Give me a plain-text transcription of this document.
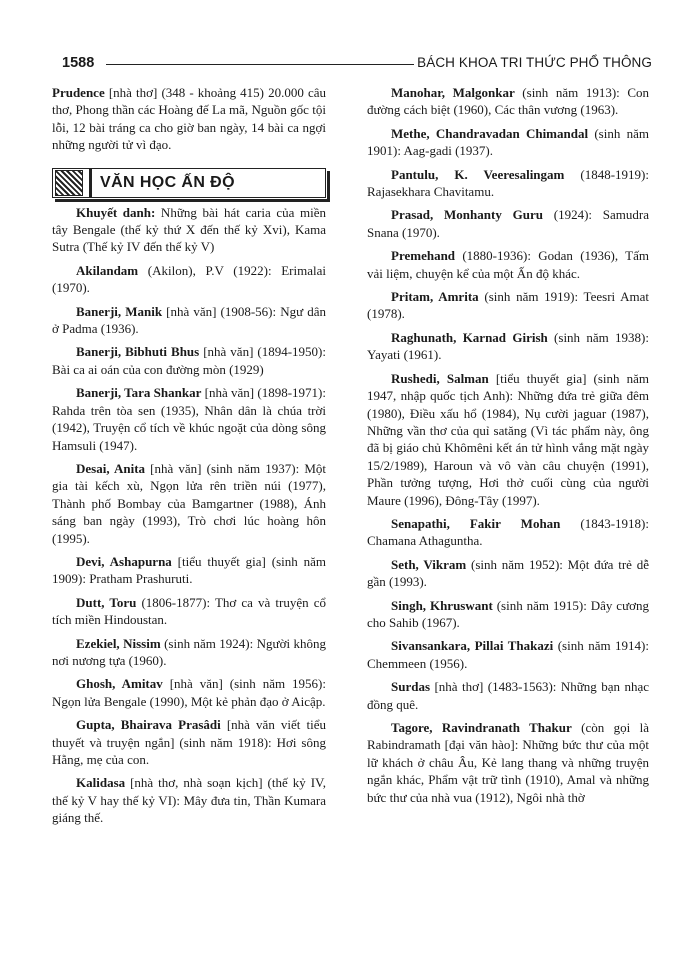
1588	BÁCH KHOA TRI THỨC PHỔ THÔNG

Prudence [nhà thơ] (348 - khoảng 415) 20.000 câu thơ, Phong thần các Hoàng đế La mã, Nguồn gốc tội lỗi, 12 bài tráng ca cho giờ ban ngày, 14 bài ca ngợi những người tử vì đạo.

VĂN HỌC ẤN ĐỘ

Khuyết danh: Những bài hát caria của miền tây Bengale (thế kỷ thứ X đến thế kỷ Xvi), Kama Sutra (Thế kỷ IV đến thế kỷ V)

Akilandam (Akilon), P.V (1922): Erimalai (1970).

Banerji, Manik [nhà văn] (1908-56): Ngư dân ở Padma (1936).

Banerji, Bibhuti Bhus [nhà văn] (1894-1950): Bài ca ai oán của con đường mòn (1929)

Banerji, Tara Shankar [nhà văn] (1898-1971): Rahda trên tòa sen (1935), Nhân dân là chúa trời (1942), Truyện cổ tích về khúc ngoặt của dòng sông Hamsuli (1947).

Desai, Anita [nhà văn] (sinh năm 1937): Một gia tài kếch xù, Ngọn lửa rên triền núi (1977), Thành phố Bombay của Bamgartner (1988), Ánh sáng ban ngày (1993), Trò chơi lúc hoàng hôn (1995).

Devi, Ashapurna [tiểu thuyết gia] (sinh năm 1909): Pratham Prashuruti.

Dutt, Toru (1806-1877): Thơ ca và truyện cổ tích miền Hindoustan.

Ezekiel, Nissim (sinh năm 1924): Người không nơi nương tựa (1960).

Ghosh, Amitav [nhà văn] (sinh năm 1956): Ngọn lửa Bengale (1990), Một kẻ phản đạo ở Aicập.

Gupta, Bhairava Prasâdi [nhà văn viết tiểu thuyết và truyện ngắn] (sinh năm 1918): Hơi sông Hằng, mẹ của con.

Kalidasa [nhà thơ, nhà soạn kịch] (thế kỷ IV, thế kỷ V hay thế kỷ VI): Mây đưa tin, Thần Kumara giáng thế.

Manohar, Malgonkar (sinh năm 1913): Con đường cách biệt (1960), Các thân vương (1963).

Methe, Chandravadan Chimandal (sinh năm 1901): Aag-gadi (1937).

Pantulu, K. Veeresalingam (1848-1919): Rajasekhara Chavitamu.

Prasad, Monhanty Guru (1924): Samudra Snana (1970).

Premehand (1880-1936): Godan (1936), Tấm vải liệm, chuyện kể của một Ấn độ khác.

Pritam, Amrita (sinh năm 1919): Teesri Amat (1978).

Raghunath, Karnad Girish (sinh năm 1938): Yayati (1961).

Rushedi, Salman [tiểu thuyết gia] (sinh năm 1947, nhập quốc tịch Anh): Những đứa trẻ giữa đêm (1980), Điều xấu hổ (1984), Nụ cười jaguar (1987), Những vần thơ của quỉ satăng (Vì tác phẩm này, ông đã bị giáo chủ Khômêni kết án tử hình vắng mặt ngày 15/2/1989), Haroun và vô vàn câu chuyện (1991), Phần tưởng tượng, Hơi thở cuối cùng của người Maure (1996), Đông-Tây (1997).

Senapathi, Fakir Mohan (1843-1918): Chamana Athaguntha.

Seth, Vikram (sinh năm 1952): Một đứa trẻ dễ gần (1993).

Singh, Khruswant (sinh năm 1915): Dây cương cho Sahib (1967).

Sivansankara, Pillai Thakazi (sinh năm 1914): Chemmeen (1956).

Surdas [nhà thơ] (1483-1563): Những bạn nhạc đồng quê.

Tagore, Ravindranath Thakur (còn gọi là Rabindramath [đại văn hào]: Những bức thư của một lữ khách ở châu Âu, Kẻ lang thang và những truyện ngắn khác, Phẩm vật trữ tình (1910), Amal và những bức thư của nhà vua (1912), Ngôi nhà thờ
